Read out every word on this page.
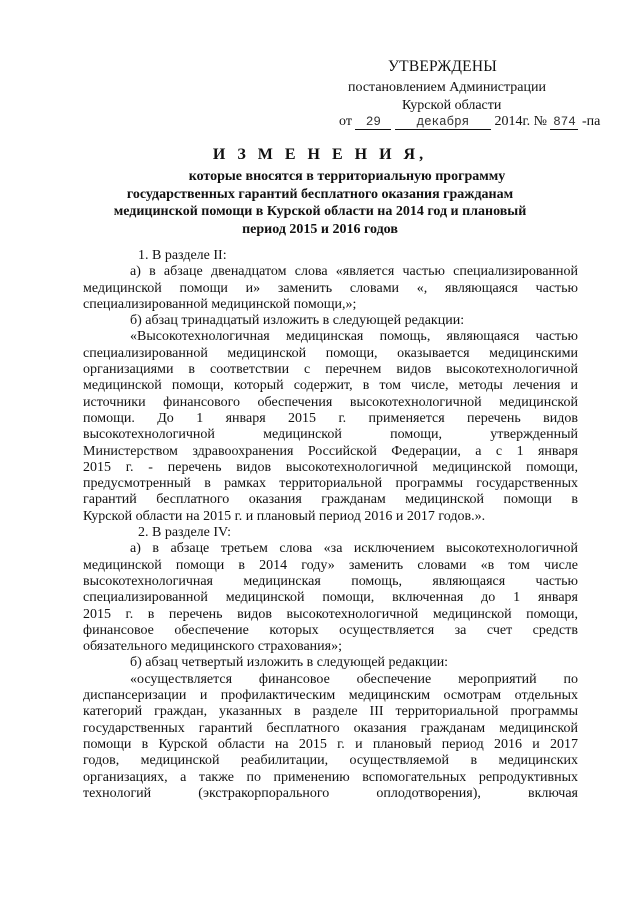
УТВЕРЖДЕНЫ
постановлением Администрации
Курской области
от 29	декабря 2014г. № 874 -па
И З М Е Н Е Н И Я,
которые вносятся в территориальную программу
государственных гарантий бесплатного оказания гражданам
медицинской помощи в Курской области на 2014 год и плановый
период 2015 и 2016 годов

1. В разделе II:

а) в абзаце двенадцатом слова «является частью специализированной

медицинской помощи и» заменить словами «, являющаяся частью

специализированной медицинской помощи,»;

б) абзац тринадцатый изложить в следующей редакции:

«Высокотехнологичная медицинская помощь, являющаяся частью

специализированной медицинской помощи, оказывается медицинскими

организациями в соответствии с перечнем видов высокотехнологичной

медицинской помощи, который содержит, в том числе, методы лечения и

источники финансового обеспечения высокотехнологичной медицинской

помощи. До 1 января 2015 г. применяется перечень видов

высокотехнологичной медицинской помощи, утвержденный

Министерством здравоохранения Российской Федерации, а с 1 января

2015 г. - перечень видов высокотехнологичной медицинской помощи,

предусмотренный в рамках территориальной программы государственных

гарантий бесплатного оказания гражданам медицинской помощи в

Курской области на 2015 г. и плановый период 2016 и 2017 годов.».

2. В разделе IV:

а) в абзаце третьем слова «за исключением высокотехнологичной

медицинской помощи в 2014 году» заменить словами «в том числе

высокотехнологичная медицинская помощь, являющаяся частью

специализированной медицинской помощи, включенная до 1 января

2015 г. в перечень видов высокотехнологичной медицинской помощи,

финансовое обеспечение которых осуществляется за счет средств

обязательного медицинского страхования»;

б) абзац четвертый изложить в следующей редакции:

«осуществляется финансовое обеспечение мероприятий по

диспансеризации и профилактическим медицинским осмотрам отдельных

категорий граждан, указанных в разделе III территориальной программы

государственных гарантий бесплатного оказания гражданам медицинской

помощи в Курской области на 2015 г. и плановый период 2016 и 2017

годов, медицинской реабилитации, осуществляемой в медицинских

организациях, а также по применению вспомогательных репродуктивных

технологий (экстракорпорального оплодотворения), включая
